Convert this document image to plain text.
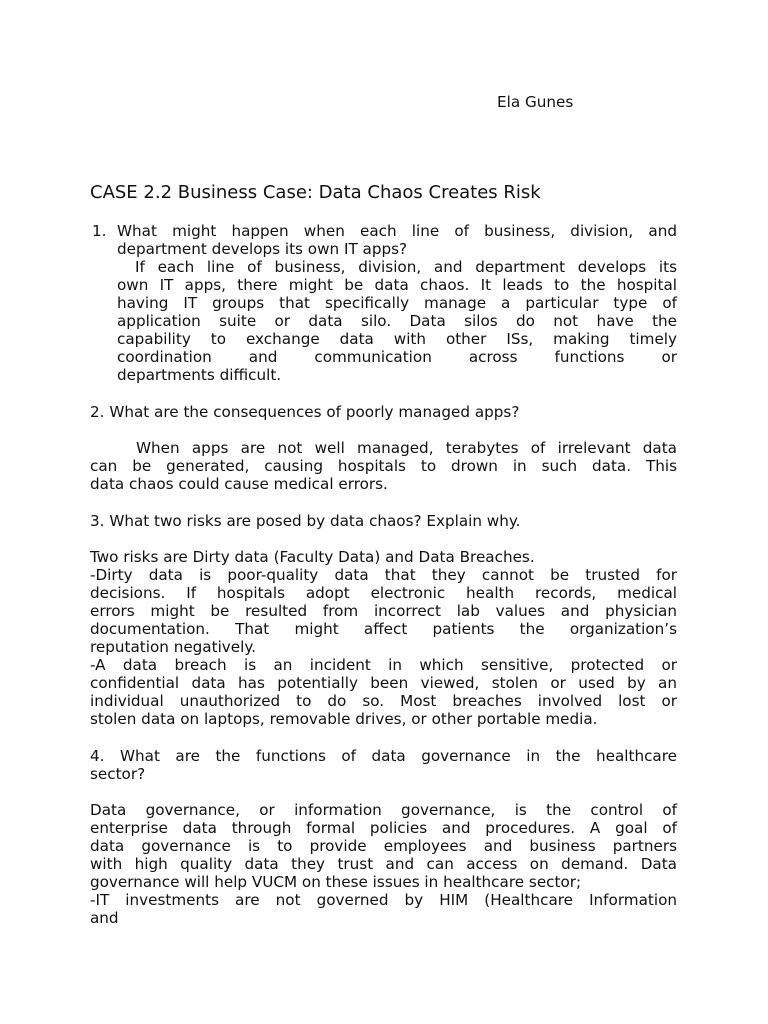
Ela Gunes

CASE 2.2 Business Case: Data Chaos Creates Risk
1. What might happen when each line of business, division, and
department develops its own IT apps?
If each line of business, division, and department develops its
own IT apps, there might be data chaos. It leads to the hospital
having IT groups that specifically manage a particular type of
application suite or data silo. Data silos do not have the
capability to exchange data with other ISs, making timely
coordination and communication across functions or
departments difficult.

2. What are the consequences of poorly managed apps?

When apps are not well managed, terabytes of irrelevant data
can be generated, causing hospitals to drown in such data. This
data chaos could cause medical errors.

3. What two risks are posed by data chaos? Explain why.

Two risks are Dirty data (Faculty Data) and Data Breaches.
-Dirty data is poor-quality data that they cannot be trusted for
decisions. If hospitals adopt electronic health records, medical
errors might be resulted from incorrect lab values and physician
documentation. That might affect patients the organization’s
reputation negatively.
-A data breach is an incident in which sensitive, protected or
confidential data has potentially been viewed, stolen or used by an
individual unauthorized to do so. Most breaches involved lost or
stolen data on laptops, removable drives, or other portable media.
4. What are the functions of data governance in the healthcare
sector?
Data governance, or information governance, is the control of
enterprise data through formal policies and procedures. A goal of
data governance is to provide employees and business partners
with high quality data they trust and can access on demand. Data
governance will help VUCM on these issues in healthcare sector;
-IT investments are not governed by HIM (Healthcare Information
and
